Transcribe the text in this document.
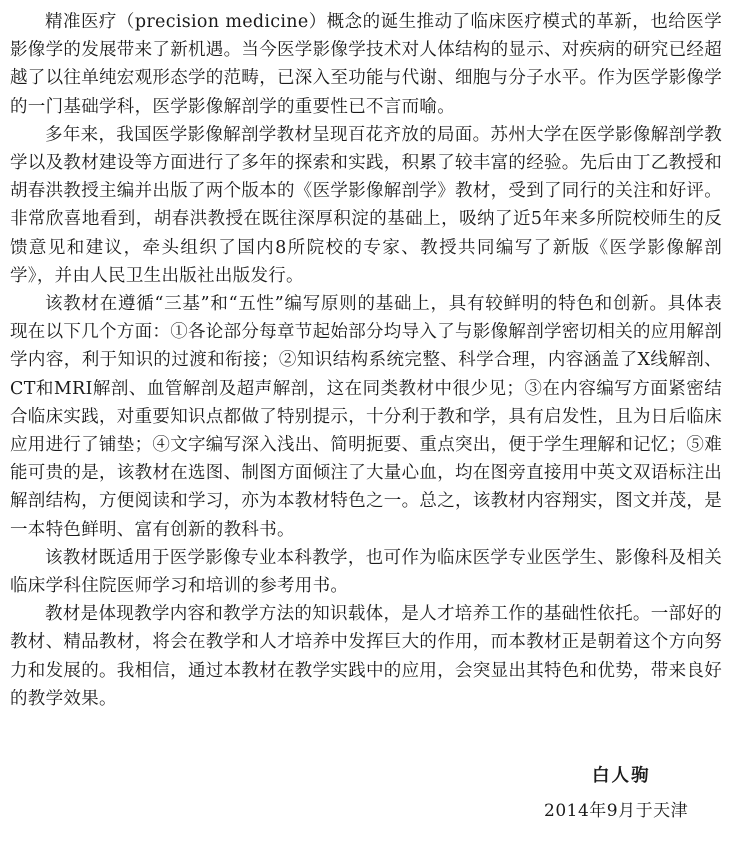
精准医疗（precision medicine）概念的诞生推动了临床医疗模式的革新，也给医学影像学的发展带来了新机遇。当今医学影像学技术对人体结构的显示、对疾病的研究已经超越了以往单纯宏观形态学的范畴，已深入至功能与代谢、细胞与分子水平。作为医学影像学的一门基础学科，医学影像解剖学的重要性已不言而喻。

多年来，我国医学影像解剖学教材呈现百花齐放的局面。苏州大学在医学影像解剖学教学以及教材建设等方面进行了多年的探索和实践，积累了较丰富的经验。先后由丁乙教授和胡春洪教授主编并出版了两个版本的《医学影像解剖学》教材，受到了同行的关注和好评。非常欣喜地看到，胡春洪教授在既往深厚积淀的基础上，吸纳了近5年来多所院校师生的反馈意见和建议，牵头组织了国内8所院校的专家、教授共同编写了新版《医学影像解剖学》，并由人民卫生出版社出版发行。

该教材在遵循“三基”和“五性”编写原则的基础上，具有较鲜明的特色和创新。具体表现在以下几个方面：①各论部分每章节起始部分均导入了与影像解剖学密切相关的应用解剖学内容，利于知识的过渡和衔接；②知识结构系统完整、科学合理，内容涵盖了X线解剖、CT和MRI解剖、血管解剖及超声解剖，这在同类教材中很少见；③在内容编写方面紧密结合临床实践，对重要知识点都做了特别提示，十分利于教和学，具有启发性，且为日后临床应用进行了铺垫；④文字编写深入浅出、简明扼要、重点突出，便于学生理解和记忆；⑤难能可贵的是，该教材在选图、制图方面倾注了大量心血，均在图旁直接用中英文双语标注出解剖结构，方便阅读和学习，亦为本教材特色之一。总之，该教材内容翔实，图文并茂，是一本特色鲜明、富有创新的教科书。

该教材既适用于医学影像专业本科教学，也可作为临床医学专业医学生、影像科及相关临床学科住院医师学习和培训的参考用书。

教材是体现教学内容和教学方法的知识载体，是人才培养工作的基础性依托。一部好的教材、精品教材，将会在教学和人才培养中发挥巨大的作用，而本教材正是朝着这个方向努力和发展的。我相信，通过本教材在教学实践中的应用，会突显出其特色和优势，带来良好的教学效果。

白人驹
2014年9月于天津
